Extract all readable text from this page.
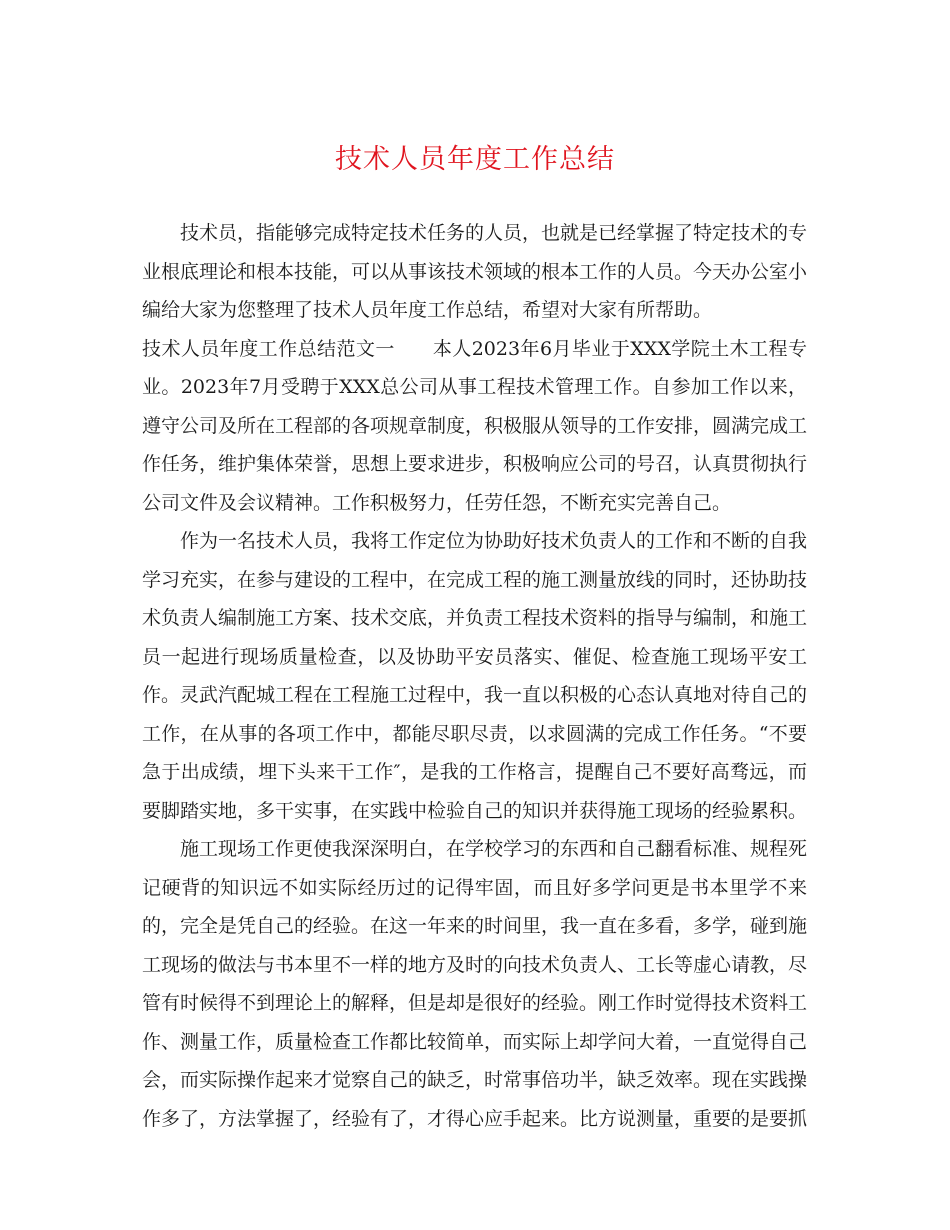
技术人员年度工作总结

技术员，指能够完成特定技术任务的人员，也就是已经掌握了特定技术的专业根底理论和根本技能，可以从事该技术领域的根本工作的人员。今天办公室小编给大家为您整理了技术人员年度工作总结，希望对大家有所帮助。

技术人员年度工作总结范文一 本人2023年6月毕业于XXX学院土木工程专业。2023年7月受聘于XXX总公司从事工程技术管理工作。自参加工作以来，遵守公司及所在工程部的各项规章制度，积极服从领导的工作安排，圆满完成工作任务，维护集体荣誉，思想上要求进步，积极响应公司的号召，认真贯彻执行公司文件及会议精神。工作积极努力，任劳任怨，不断充实完善自己。

作为一名技术人员，我将工作定位为协助好技术负责人的工作和不断的自我学习充实，在参与建设的工程中，在完成工程的施工测量放线的同时，还协助技术负责人编制施工方案、技术交底，并负责工程技术资料的指导与编制，和施工员一起进行现场质量检查，以及协助平安员落实、催促、检查施工现场平安工作。灵武汽配城工程在工程施工过程中，我一直以积极的心态认真地对待自己的工作，在从事的各项工作中，都能尽职尽责，以求圆满的完成工作任务。“不要急于出成绩，埋下头来干工作″，是我的工作格言，提醒自己不要好高骛远，而要脚踏实地，多干实事，在实践中检验自己的知识并获得施工现场的经验累积。

施工现场工作更使我深深明白，在学校学习的东西和自己翻看标准、规程死记硬背的知识远不如实际经历过的记得牢固，而且好多学问更是书本里学不来的，完全是凭自己的经验。在这一年来的时间里，我一直在多看，多学，碰到施工现场的做法与书本里不一样的地方及时的向技术负责人、工长等虚心请教，尽管有时候得不到理论上的解释，但是却是很好的经验。刚工作时觉得技术资料工作、测量工作，质量检查工作都比较简单，而实际上却学问大着，一直觉得自己会，而实际操作起来才觉察自己的缺乏，时常事倍功半，缺乏效率。现在实践操作多了，方法掌握了，经验有了，才得心应手起来。比方说测量，重要的是要抓
